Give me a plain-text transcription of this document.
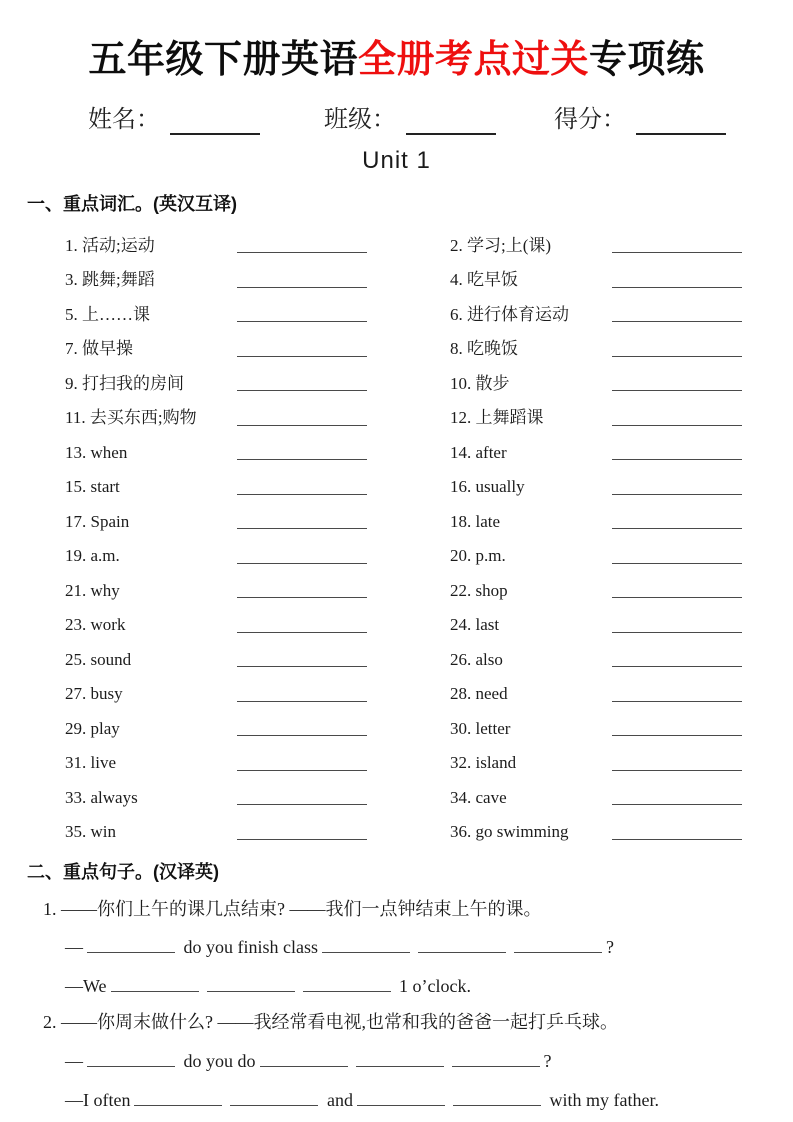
五年级下册英语全册考点过关专项练
姓名：	班级：	得分：
Unit 1
一、重点词汇。(英汉互译)
1. 活动;运动	2. 学习;上(课)
3. 跳舞;舞蹈	4. 吃早饭
5. 上……课	6. 进行体育运动
7. 做早操	8. 吃晚饭
9. 打扫我的房间	10. 散步
11. 去买东西;购物	12. 上舞蹈课
13. when	14. after
15. start	16. usually
17. Spain	18. late
19. a.m.	20. p.m.
21. why	22. shop
23. work	24. last
25. sound	26. also
27. busy	28. need
29. play	30. letter
31. live	32. island
33. always	34. cave
35. win	36. go swimming
二、重点句子。(汉译英)
1. ——你们上午的课几点结束? ——我们一点钟结束上午的课。
—	do you finish class	?
—We	1 o’clock.
2. ——你周末做什么? ——我经常看电视,也常和我的爸爸一起打乒乓球。
—	do you do	?
—I often	and	with my father.
